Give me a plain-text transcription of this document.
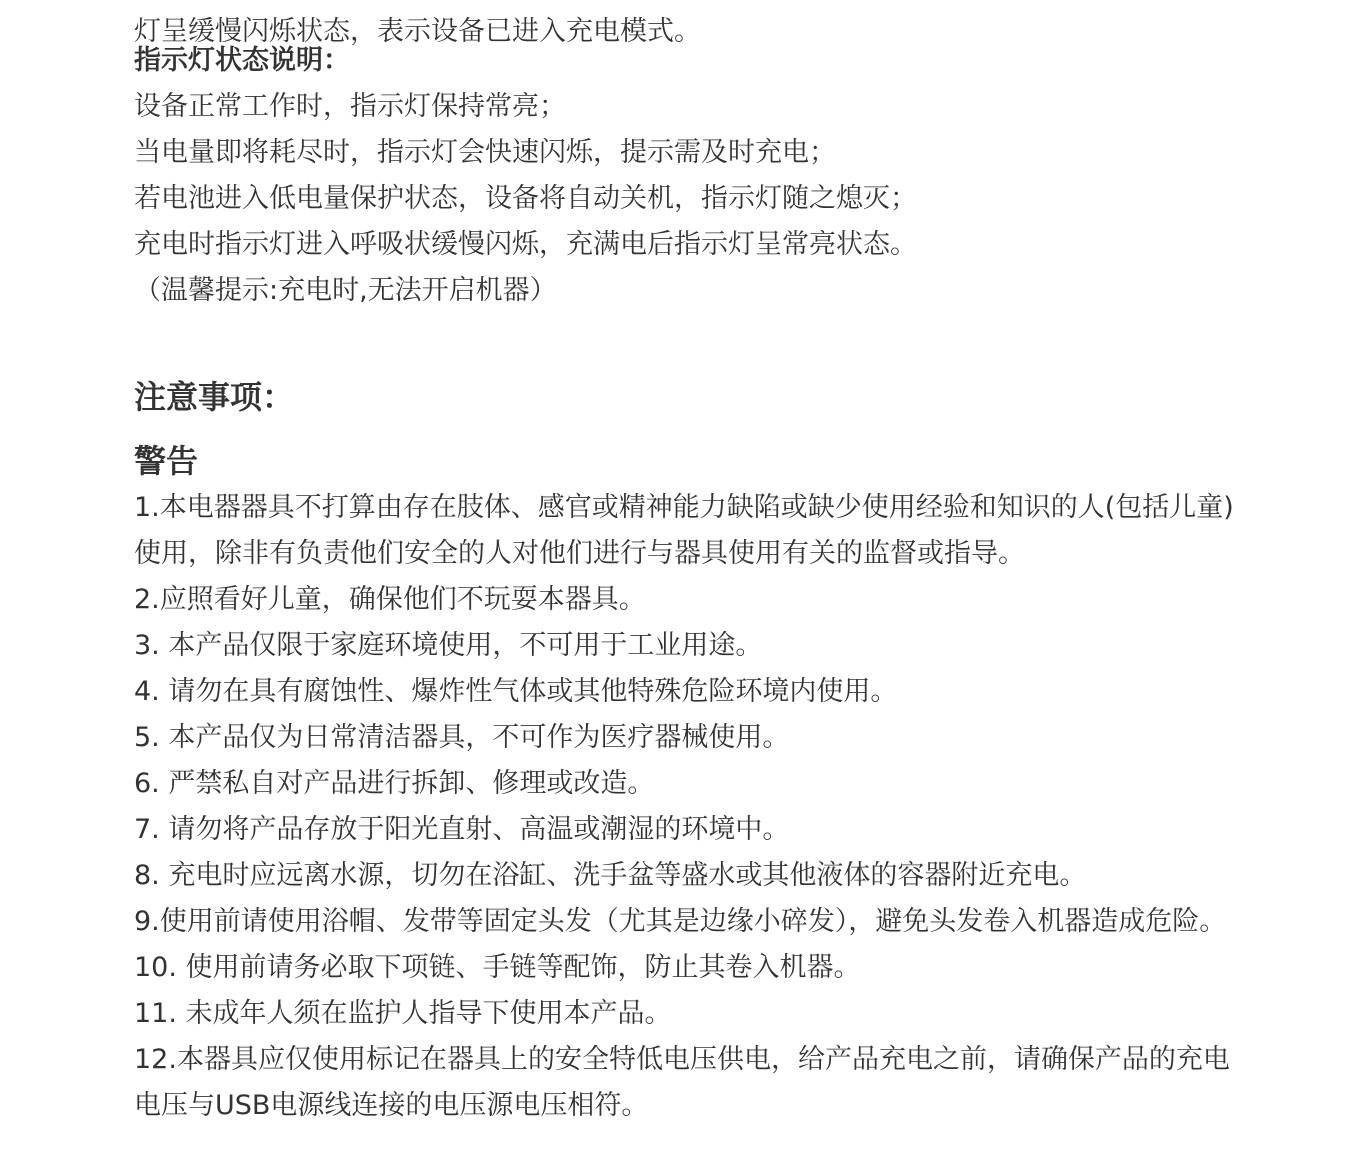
灯呈缓慢闪烁状态，表示设备已进入充电模式。

指示灯状态说明：

设备正常工作时，指示灯保持常亮；

当电量即将耗尽时，指示灯会快速闪烁，提示需及时充电；

若电池进入低电量保护状态，设备将自动关机，指示灯随之熄灭；

充电时指示灯进入呼吸状缓慢闪烁，充满电后指示灯呈常亮状态。

（温馨提示:充电时,无法开启机器）

注意事项：
警告

1.本电器器具不打算由存在肢体、感官或精神能力缺陷或缺少使用经验和知识的人(包括儿童)使用，除非有负责他们安全的人对他们进行与器具使用有关的监督或指导。

2.应照看好儿童，确保他们不玩耍本器具。

3. 本产品仅限于家庭环境使用，不可用于工业用途。

4. 请勿在具有腐蚀性、爆炸性气体或其他特殊危险环境内使用。

5. 本产品仅为日常清洁器具，不可作为医疗器械使用。

6. 严禁私自对产品进行拆卸、修理或改造。

7. 请勿将产品存放于阳光直射、高温或潮湿的环境中。

8. 充电时应远离水源，切勿在浴缸、洗手盆等盛水或其他液体的容器附近充电。

9.使用前请使用浴帽、发带等固定头发（尤其是边缘小碎发），避免头发卷入机器造成危险。

10. 使用前请务必取下项链、手链等配饰，防止其卷入机器。

11. 未成年人须在监护人指导下使用本产品。

12.本器具应仅使用标记在器具上的安全特低电压供电，给产品充电之前，请确保产品的充电电压与USB电源线连接的电压源电压相符。
